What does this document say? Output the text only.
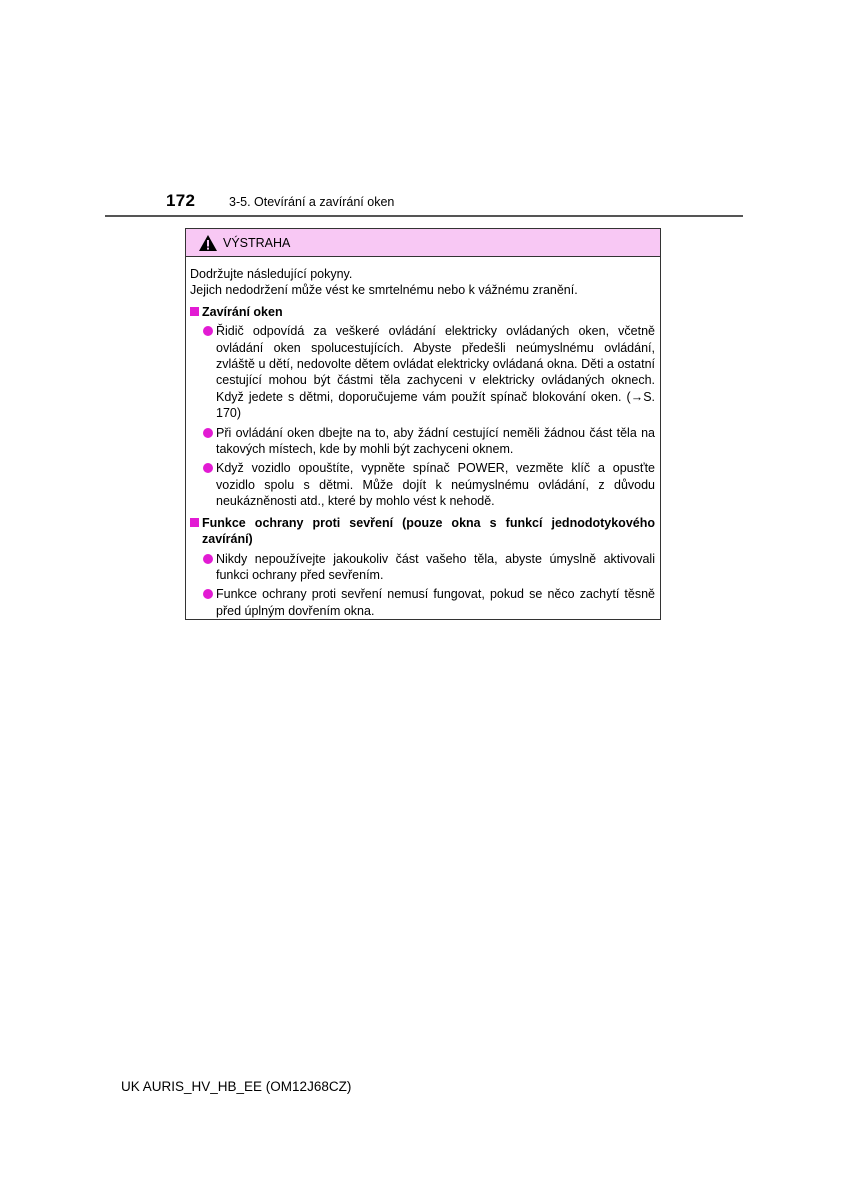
172	3-5. Otevírání a zavírání oken
VÝSTRAHA

Dodržujte následující pokyny.

Jejich nedodržení může vést ke smrtelnému nebo k vážnému zranění.

Zavírání oken
Řidič odpovídá za veškeré ovládání elektricky ovládaných oken, včetně ovládání oken spolucestujících. Abyste předešli neúmyslnému ovládání, zvláště u dětí, nedovolte dětem ovládat elektricky ovládaná okna. Děti a ostatní cestující mohou být částmi těla zachyceni v elektricky ovládaných oknech. Když jedete s dětmi, doporučujeme vám použít spínač blokování oken. (→S. 170)
Při ovládání oken dbejte na to, aby žádní cestující neměli žádnou část těla na takových místech, kde by mohli být zachyceni oknem.
Když vozidlo opouštíte, vypněte spínač POWER, vezměte klíč a opusťte vozidlo spolu s dětmi. Může dojít k neúmyslnému ovládání, z důvodu neukázněnosti atd., které by mohlo vést k nehodě.
Funkce ochrany proti sevření (pouze okna s funkcí jednodotykového zavírání)
Nikdy nepoužívejte jakoukoliv část vašeho těla, abyste úmyslně aktivovali funkci ochrany před sevřením.
Funkce ochrany proti sevření nemusí fungovat, pokud se něco zachytí těsně před úplným dovřením okna.
UK AURIS_HV_HB_EE (OM12J68CZ)
